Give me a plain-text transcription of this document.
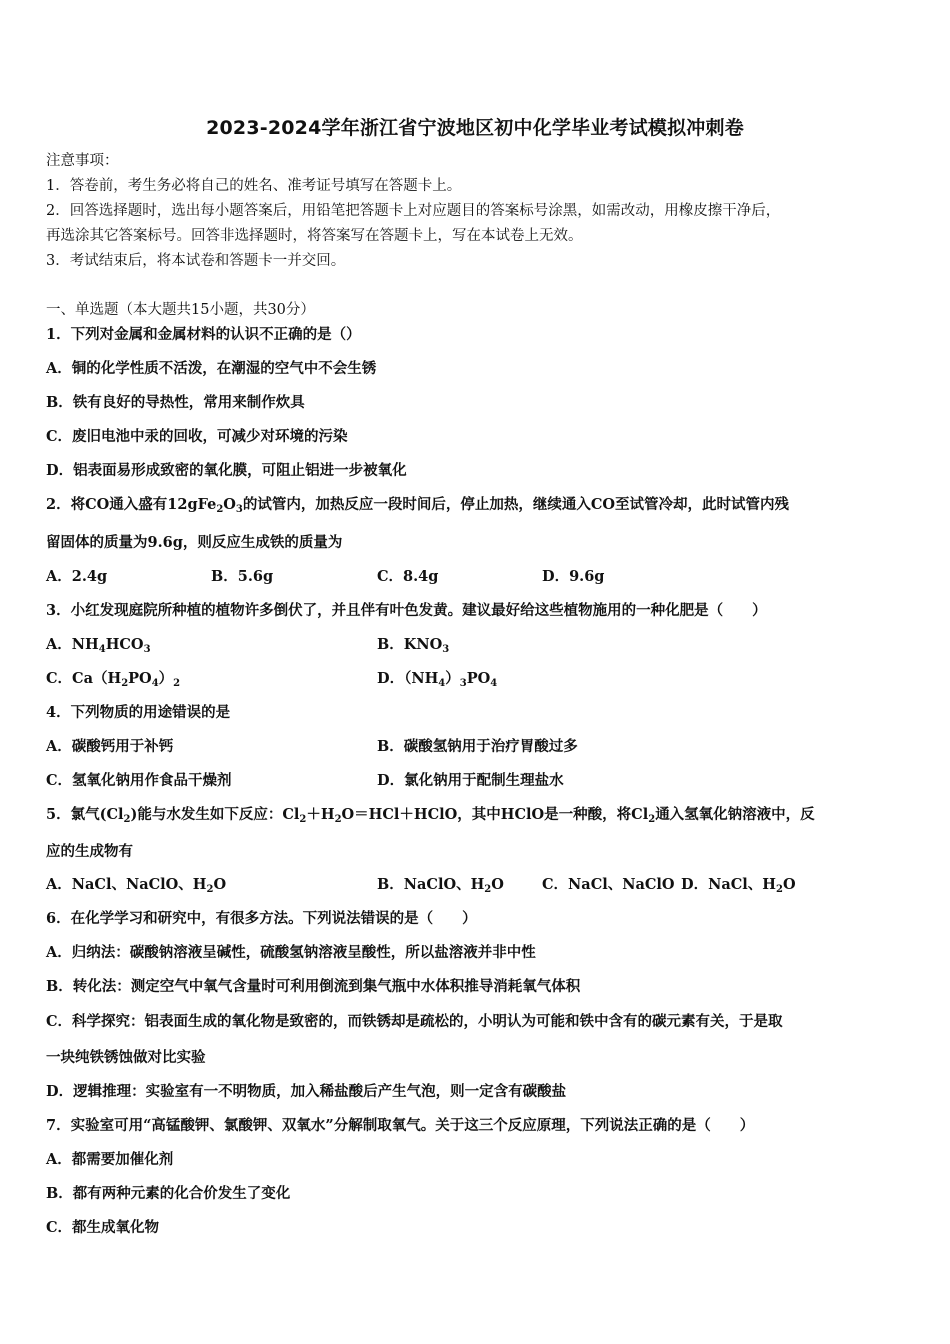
2023-2024学年浙江省宁波地区初中化学毕业考试模拟冲刺卷
注意事项：
1．答卷前，考生务必将自己的姓名、准考证号填写在答题卡上。
2．回答选择题时，选出每小题答案后，用铅笔把答题卡上对应题目的答案标号涂黑，如需改动，用橡皮擦干净后，
再选涂其它答案标号。回答非选择题时，将答案写在答题卡上，写在本试卷上无效。
3．考试结束后，将本试卷和答题卡一并交回。
一、单选题（本大题共15小题，共30分）
1．下列对金属和金属材料的认识不正确的是（）
A．铜的化学性质不活泼，在潮湿的空气中不会生锈
B．铁有良好的导热性，常用来制作炊具
C．废旧电池中汞的回收，可减少对环境的污染
D．铝表面易形成致密的氧化膜，可阻止铝进一步被氧化
2．将CO通入盛有$12gFe_2O_3$的试管内，加热反应一段时间后，停止加热，继续通入CO至试管冷却，此时试管内残
留固体的质量为9.6g，则反应生成铁的质量为
A．2.4g	B．5.6g	C．8.4g	D．9.6g
3．小红发现庭院所种植的植物许多倒伏了，并且伴有叶色发黄。建议最好给这些植物施用的一种化肥是（　　）
A．$NH_4HCO_3$	B．$KNO_3$
C．$Ca(H_2PO_4)_2$	D．$(NH_4)_3PO_4$
4．下列物质的用途错误的是
A．碳酸钙用于补钙	B．碳酸氢钠用于治疗胃酸过多
C．氢氧化钠用作食品干燥剂	D．氯化钠用于配制生理盐水
5．氯气$(Cl_2)$能与水发生如下反应：$Cl_2+H_2O=HCl+HClO$，其中HClO是一种酸，将$Cl_2$通入氢氧化钠溶液中，反
应的生成物有
A．NaCl、NaClO、$H_2O$	B．NaClO、$H_2O$	C．NaCl、NaClO D．NaCl、$H_2O$
6．在化学学习和研究中，有很多方法。下列说法错误的是（　　）
A．归纳法：碳酸钠溶液呈碱性，硫酸氢钠溶液呈酸性，所以盐溶液并非中性
B．转化法：测定空气中氧气含量时可利用倒流到集气瓶中水体积推导消耗氧气体积
C．科学探究：铝表面生成的氧化物是致密的，而铁锈却是疏松的，小明认为可能和铁中含有的碳元素有关，于是取
一块纯铁锈蚀做对比实验
D．逻辑推理：实验室有一不明物质，加入稀盐酸后产生气泡，则一定含有碳酸盐
7．实验室可用“高锰酸钾、氯酸钾、双氧水”分解制取氧气。关于这三个反应原理，下列说法正确的是（　　）
A．都需要加催化剂
B．都有两种元素的化合价发生了变化
C．都生成氧化物
